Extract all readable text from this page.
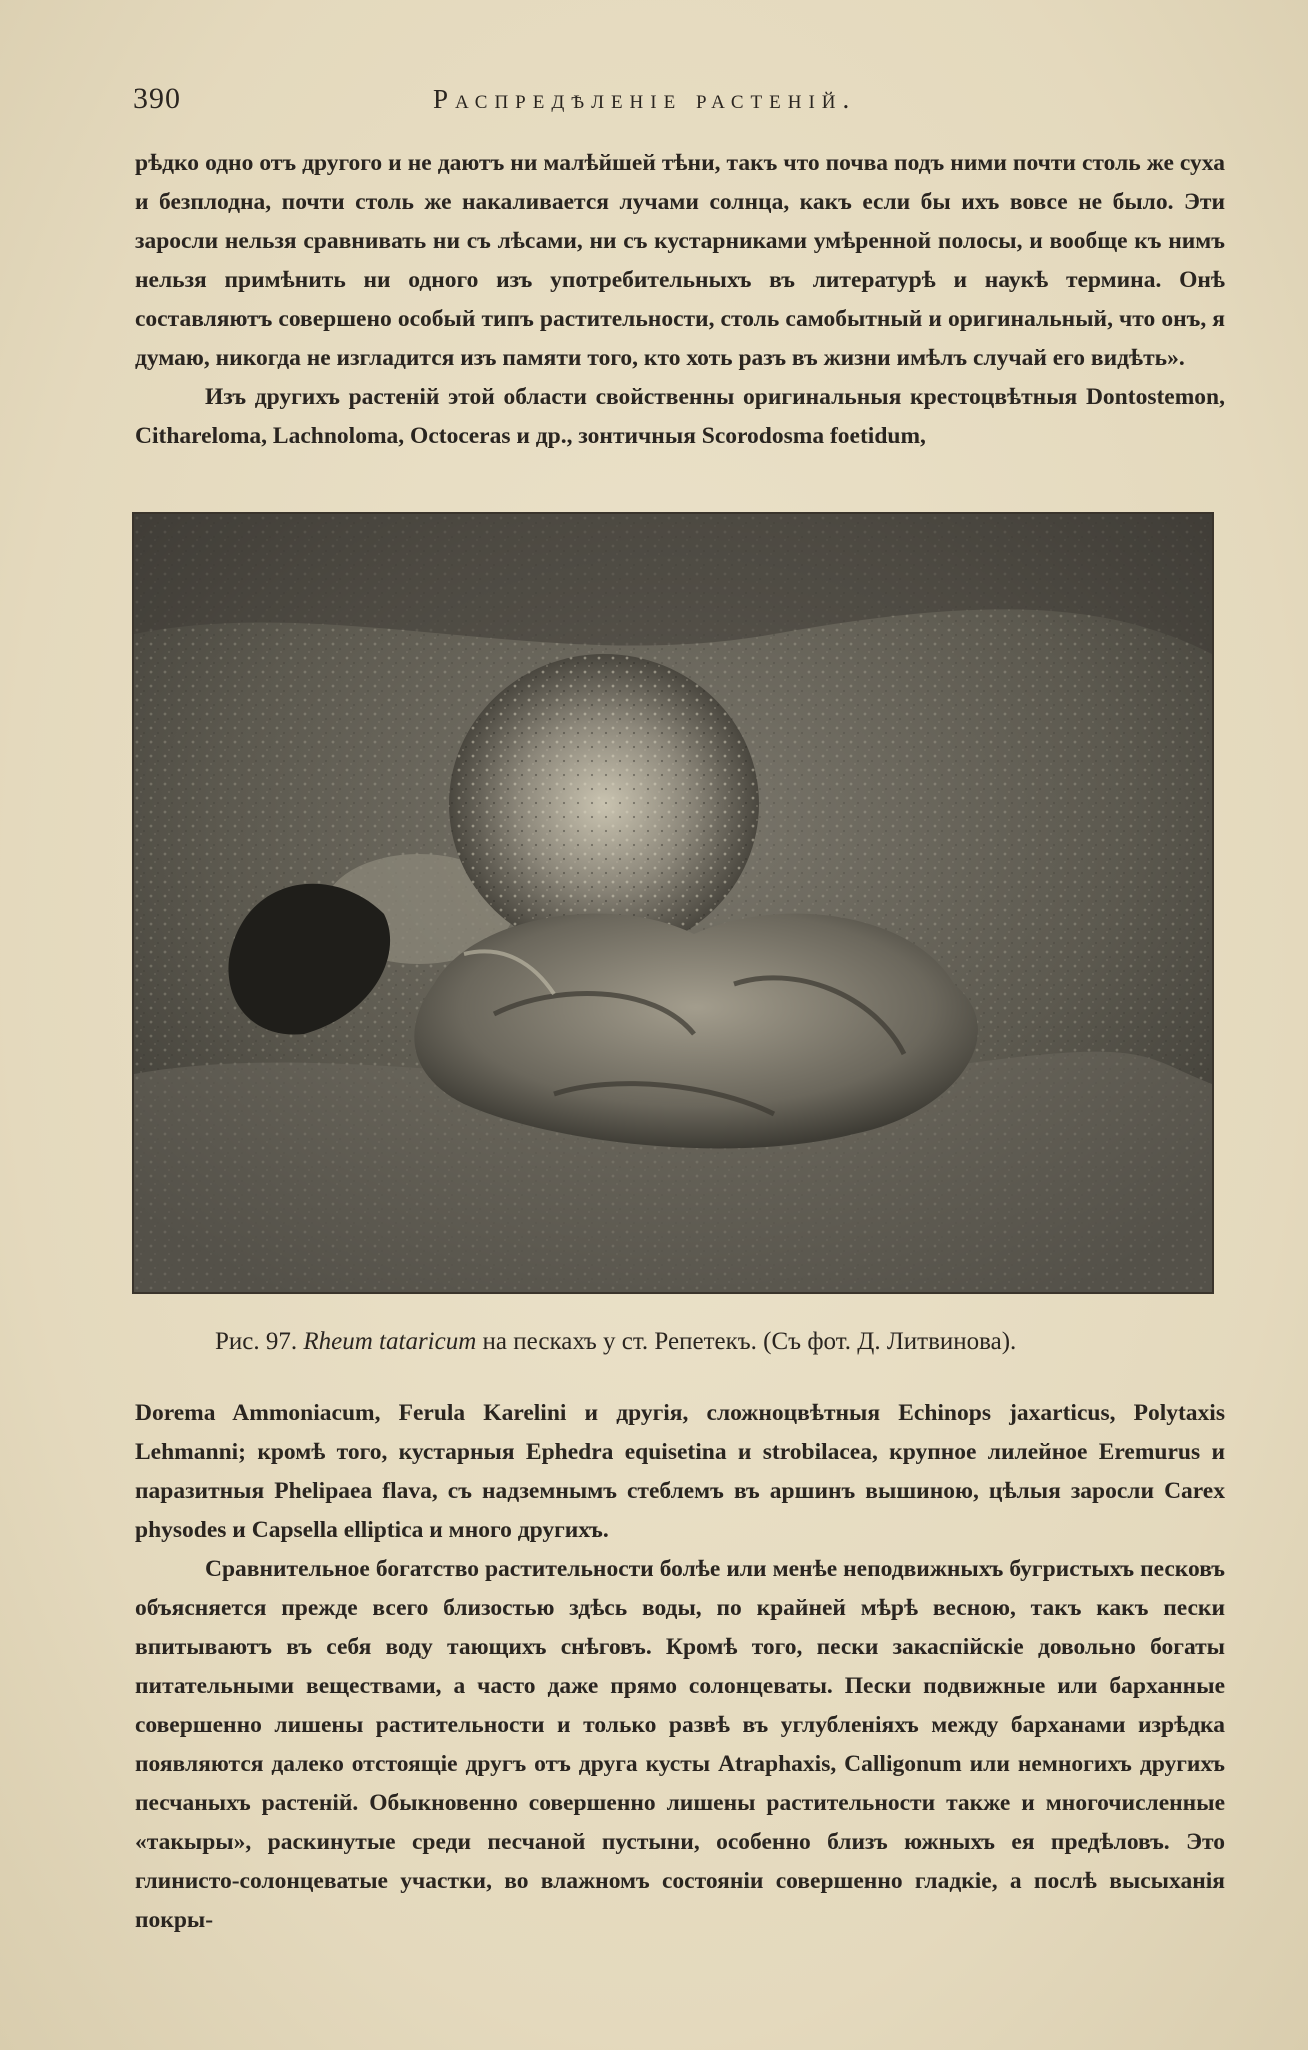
390	Распредѣленіе растеній.

рѣдко одно отъ другого и не даютъ ни малѣйшей тѣни, такъ что почва подъ ними почти столь же суха и безплодна, почти столь же накаливается лучами солнца, какъ если бы ихъ вовсе не было. Эти заросли нельзя сравнивать ни съ лѣсами, ни съ кустарниками умѣренной полосы, и вообще къ нимъ нельзя примѣнить ни одного изъ употребительныхъ въ литературѣ и наукѣ термина. Онѣ составляютъ совершено особый типъ растительности, столь самобытный и оригинальный, что онъ, я думаю, никогда не изгладится изъ памяти того, кто хоть разъ въ жизни имѣлъ случай его видѣть».

Изъ другихъ растеній этой области свойственны оригинальныя крестоцвѣтныя Dontostemon, Citharelоma, Lachnoloma, Octoceras и др., зонтичныя Scorodosma foetidum,

Рис. 97. Rheum tataricum на пескахъ у ст. Репетекъ. (Съ фот. Д. Литвинова).

Dorema Ammoniacum, Ferula Karelini и другія, сложноцвѣтныя Echinops jaxarticus, Polytaxis Lehmanni; кромѣ того, кустарныя Ephedra equisetina и strobilacea, крупное лилейное Eremurus и паразитныя Phelipaea flava, съ надземнымъ стеблемъ въ аршинъ вышиною, цѣлыя заросли Carex physodes и Capsella elliptica и много другихъ.

Сравнительное богатство растительности болѣе или менѣе неподвижныхъ бугристыхъ песковъ объясняется прежде всего близостью здѣсь воды, по крайней мѣрѣ весною, такъ какъ пески впитываютъ въ себя воду тающихъ снѣговъ. Кромѣ того, пески закаспійскіе довольно богаты питательными веществами, а часто даже прямо солонцеваты. Пески подвижные или барханные совершенно лишены растительности и только развѣ въ углубленіяхъ между барханами изрѣдка появляются далеко отстоящіе другъ отъ друга кусты Atraphaxis, Calligonum или немногихъ другихъ песчаныхъ растеній. Обыкновенно совершенно лишены растительности также и многочисленные «такыры», раскинутые среди песчаной пустыни, особенно близъ южныхъ ея предѣловъ. Это глинисто-солонцеватые участки, во влажномъ состояніи совершенно гладкіе, а послѣ высыханія покры-
